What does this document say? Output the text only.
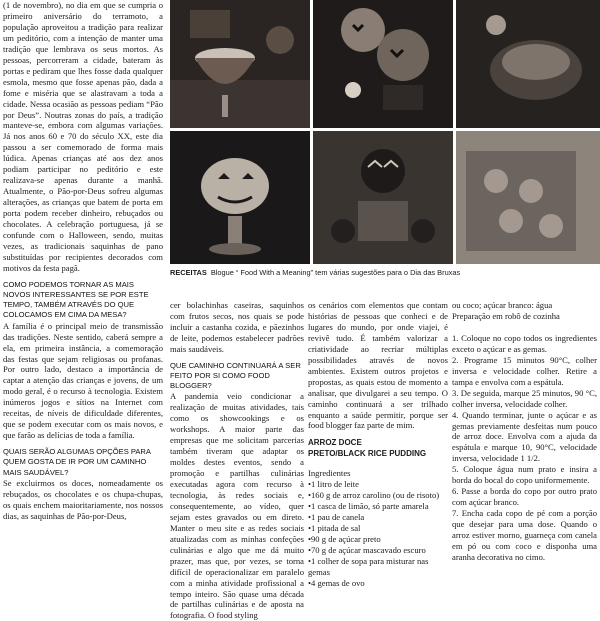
RECEITAS Blogue “ Food With a Meaning” tem várias sugestões para o Dia das Bruxas

(1 de novembro), no dia em que se cumpria o primeiro aniversário do terramoto, a população aproveitou a tradição para realizar um peditório, com a intenção de manter uma tradição que lembrava os seus mortos. As pessoas, percorreram a cidade, bateram às portas e pediram que lhes fosse dada qualquer esmola, mesmo que fosse apenas pão, dada a fome e miséria que se alastravam a toda a cidade. Nessa ocasião as pessoas pediam “Pão por Deus”. Noutras zonas do país, a tradição manteve-se, embora com algumas variações. Já nos anos 60 e 70 do século XX, este dia passou a ser comemorado de forma mais lúdica. Apenas crianças até aos dez anos podiam participar no peditório e este realizava-se apenas durante a manhã. Atualmente, o Pão-por-Deus sofreu algumas alterações, as crianças que batem de porta em porta podem receber dinheiro, rebuçados ou chocolates. A celebração portuguesa, já se confunde com o Halloween, sendo, muitas vezes, as tradicionais saquinhas de pano substituídas por recipientes decorados com motivos da festa pagã.

COMO PODEMOS TORNAR AS MAIS NOVOS INTERESSANTES SE POR ESTE TEMPO, TAMBÉM ATRAVÉS DO QUE COLOCAMOS EM CIMA DA MESA?

A família é o principal meio de transmissão das tradições. Neste sentido, caberá sempre a ela, em primeira instância, a comemoração das festas que sejam religiosas ou profanas. Por outro lado, destaco a importância de captar a atenção das crianças e jovens, de um modo geral, é o recurso à tecnologia. Existem inúmeros jogos e sítios na Internet com receitas, de níveis de dificuldade diferentes, que se podem executar com os mais novos, e que farão as delícias de toda a família.

QUAIS SERÃO ALGUMAS OPÇÕES PARA QUEM GOSTA DE IR POR UM CAMINHO MAIS SAUDÁVEL?

Se excluirmos os doces, nomeadamente os rebuçados, os chocolates e os chupa-chupas, os quais enchem maioritariamente, nos nossos dias, as saquinhas de Pão-por-Deus,

cer bolachinhas caseiras, saquinhos com frutos secos, nos quais se pode incluir a castanha cozida, e pãezinhos de leite, podemos estabelecer padrões mais saudáveis.

QUE CAMINHO CONTINUARÁ A SER FEITO POR SI COMO FOOD BLOGGER?

A pandemia veio condicionar a realização de muitas atividades, tais como os showcookings e os workshops. A maior parte das empresas que me solicitam parcerias também tiveram que adaptar os moldes destes eventos, sendo a promoção e partilhas culinárias executadas agora com recurso à tecnologia, às redes sociais e, consequentemente, ao vídeo, quer sejam estes gravados ou em direto. Manter o meu site e as redes sociais atualizadas com as minhas confeções culinárias e algo que me dá muito prazer, mas que, por vezes, se torna difícil de operacionalizar em paralelo com a minha atividade profissional a tempo inteiro. São quase uma década de partilhas culinárias e de aposta na fotografia. O food styling

os cenários com elementos que contam histórias de pessoas que conheci e de lugares do mundo, por onde viajei, é revivê tudo. É também valorizar a criatividade ao recriar múltiplas possibilidades através de novos ambientes. Existem outros projetos e propostas, as quais estou de momento a analisar, que divulgarei a seu tempo. O caminho continuará a ser trilhado enquanto a saúde permitir, porque ser food blogger faz parte de mim.

ARROZ DOCE

PRETO/BLACK RICE PUDDING

Ingredientes

•1 litro de leite

•160 g de arroz carolino (ou de risoto)

•1 casca de limão, só parte amarela

•1 pau de canela

•1 pitada de sal

•90 g de açúcar preto

•70 g de açúcar mascavado escuro

•1 colher de sopa para misturar nas gemas

•4 gemas de ovo

ou coco; açúcar branco: água

Preparação em robô de cozinha

1. Coloque no copo todos os ingredientes exceto o açúcar e as gemas.

2. Programe 15 minutos 90°C, colher inversa e velocidade colher. Retire a tampa e envolva com a espátula.

3. De seguida, marque 25 minutos, 90 °C, colher inversa, velocidade colher.

4. Quando terminar, junte o açúcar e as gemas previamente desfeitas num pouco de arroz doce. Envolva com a ajuda da espátula e marque 10, 90°C, velocidade inversa, velocidade 1 1/2.

5. Coloque água num prato e insira a borda do bocal do copo uniformemente.

6. Passe a borda do copo por outro prato com açúcar branco.

7. Encha cada copo de pé com a porção que desejar para uma dose. Quando o arroz estiver morno, guarneça com canela em pó ou com coco e disponha uma aranha decorativa no cimo.
